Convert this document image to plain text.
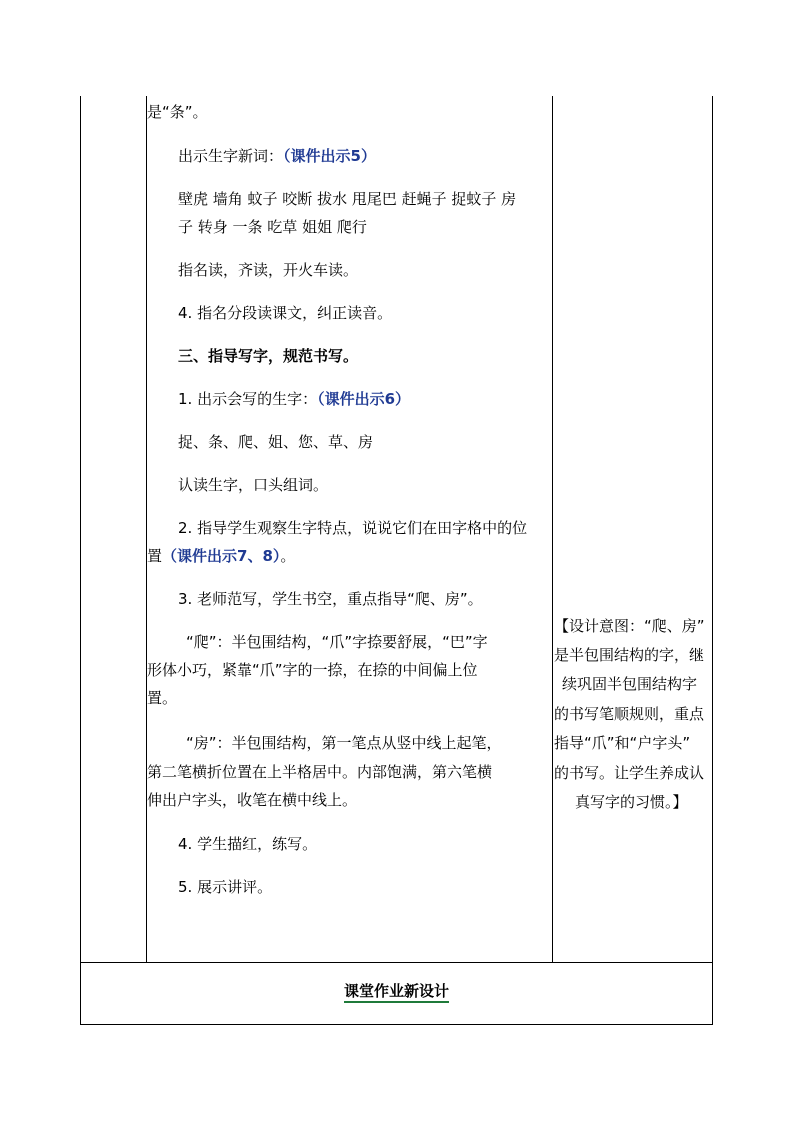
是“条”。
出示生字新词：（课件出示5）
壁虎 墙角 蚊子 咬断 拔水 甩尾巴 赶蝇子 捉蚊子 房
子 转身 一条 吃草 姐姐 爬行
指名读，齐读，开火车读。
4. 指名分段读课文，纠正读音。
三、指导写字，规范书写。
1. 出示会写的生字：（课件出示6）
捉、条、爬、姐、您、草、房
认读生字，口头组词。
2. 指导学生观察生字特点，说说它们在田字格中的位
置（课件出示7、8）。
3. 老师范写，学生书空，重点指导“爬、房”。
“爬”：半包围结构，“爪”字捺要舒展，“巴”字
形体小巧，紧靠“爪”字的一捺，在捺的中间偏上位
置。
“房”：半包围结构，第一笔点从竖中线上起笔，
第二笔横折位置在上半格居中。内部饱满，第六笔横
伸出户字头，收笔在横中线上。
4. 学生描红，练写。
5. 展示讲评。
【设计意图：“爬、房”
是半包围结构的字，继
续巩固半包围结构字
的书写笔顺规则，重点
指导“爪”和“户字头”
的书写。让学生养成认
真写字的习惯。】
课堂作业新设计
